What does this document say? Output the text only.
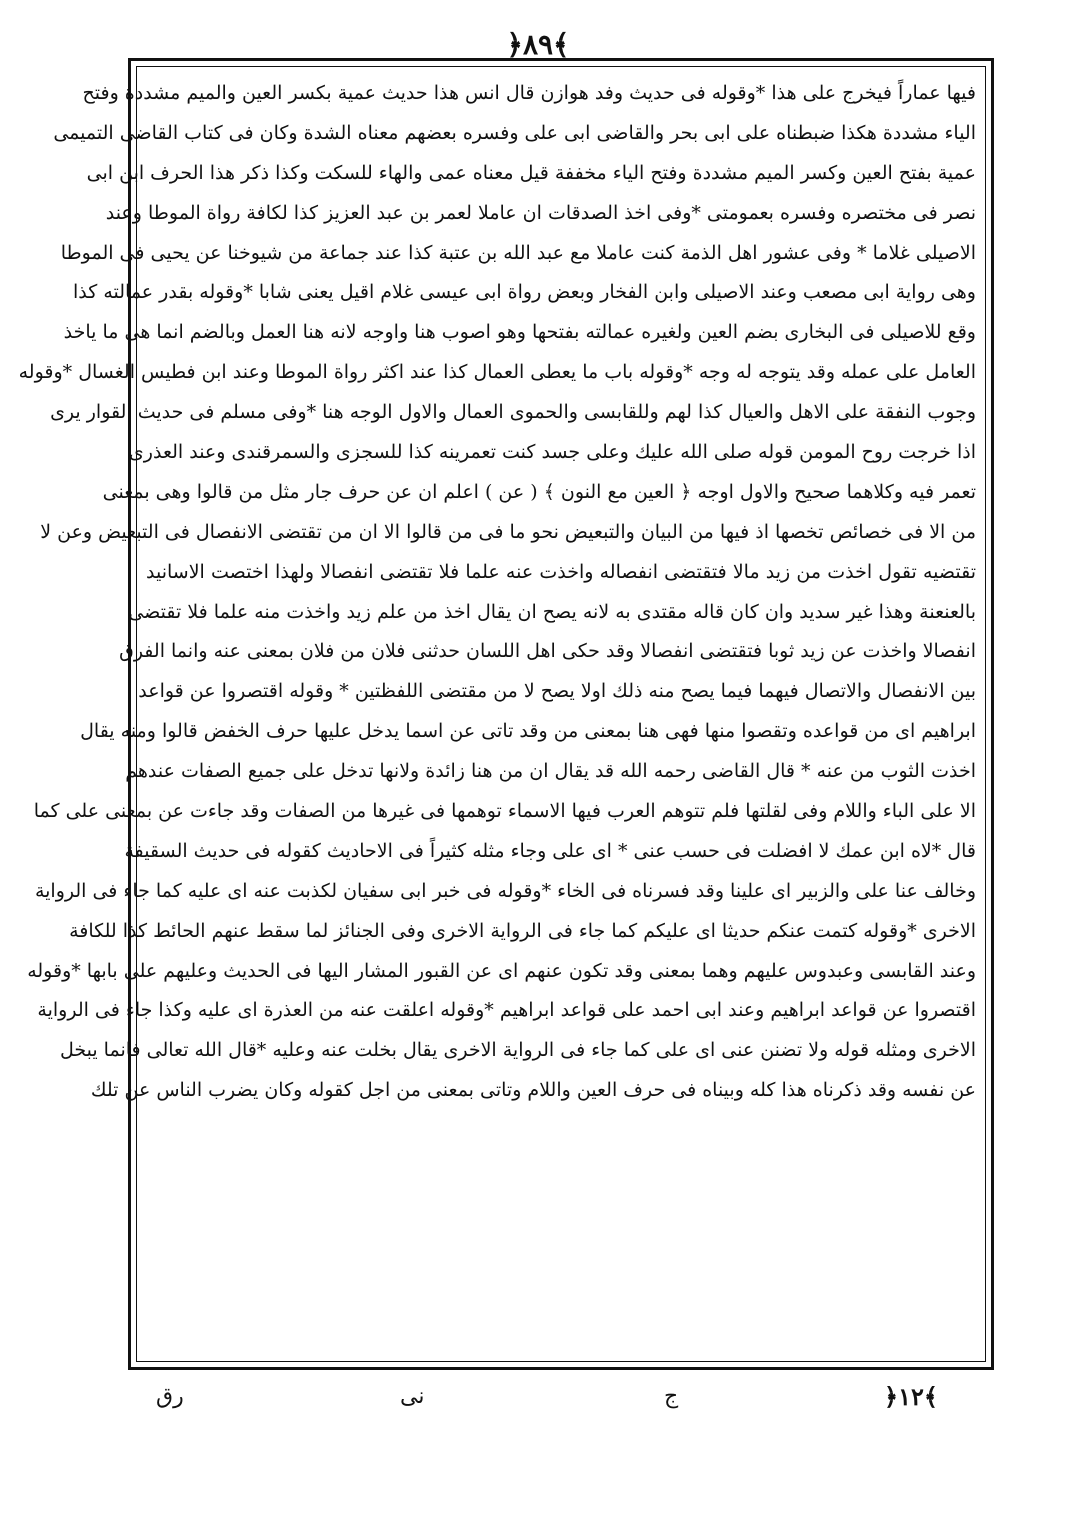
﴿٨٩﴾
فيها عماراً فيخرج على هذا *وقوله فى حديث وفد هوازن قال انس هذا حديث عمية بكسر العين والميم مشددة وفتح
الياء مشددة هكذا ضبطناه على ابى بحر والقاضى ابى على وفسره بعضهم معناه الشدة وكان فى كتاب القاضى التميمى
عمية بفتح العين وكسر الميم مشددة وفتح الياء مخففة قيل معناه عمى والهاء للسكت وكذا ذكر هذا الحرف ابن ابى
نصر فى مختصره وفسره بعمومتى *وفى اخذ الصدقات ان عاملا لعمر بن عبد العزيز كذا لكافة رواة الموطا وعند
الاصيلى غلاما * وفى عشور اهل الذمة كنت عاملا مع عبد الله بن عتبة كذا عند جماعة من شيوخنا عن يحيى فى الموطا
وهى رواية ابى مصعب وعند الاصيلى وابن الفخار وبعض رواة ابى عيسى غلام اقيل يعنى شابا *وقوله بقدر عمالته كذا
وقع للاصيلى فى البخارى بضم العين ولغيره عمالته بفتحها وهو اصوب هنا واوجه لانه هنا العمل وبالضم انما هى ما ياخذ
العامل على عمله وقد يتوجه له وجه *وقوله باب ما يعطى العمال كذا عند اكثر رواة الموطا وعند ابن فطيس الغسال *وقوله
وجوب النفقة على الاهل والعيال كذا لهم وللقابسى والحموى العمال والاول الوجه هنا *وفى مسلم فى حديث القوار يرى
اذا خرجت روح المومن قوله صلى الله عليك وعلى جسد كنت تعمرينه كذا للسجزى والسمرقندى وعند العذرى
تعمر فيه وكلاهما صحيح والاول اوجه ﴿ العين مع النون ﴾ ( عن ) اعلم ان عن حرف جار مثل من قالوا وهى بمعنى
من الا فى خصائص تخصها اذ فيها من البيان والتبعيض نحو ما فى من قالوا الا ان من تقتضى الانفصال فى التبعيض وعن لا
تقتضيه تقول اخذت من زيد مالا فتقتضى انفصاله واخذت عنه علما فلا تقتضى انفصالا ولهذا اختصت الاسانيد
بالعنعنة وهذا غير سديد وان كان قاله مقتدى به لانه يصح ان يقال اخذ من علم زيد واخذت منه علما فلا تقتضى
انفصالا واخذت عن زيد ثوبا فتقتضى انفصالا وقد حكى اهل اللسان حدثنى فلان من فلان بمعنى عنه وانما الفرق
بين الانفصال والاتصال فيهما فيما يصح منه ذلك اولا يصح لا من مقتضى اللفظتين * وقوله اقتصروا عن قواعد
ابراهيم اى من قواعده وتقصوا منها فهى هنا بمعنى من وقد تاتى عن اسما يدخل عليها حرف الخفض قالوا ومنه يقال
اخذت الثوب من عنه * قال القاضى رحمه الله قد يقال ان من هنا زائدة ولانها تدخل على جميع الصفات عندهم
الا على الباء واللام وفى لقلتها فلم تتوهم العرب فيها الاسماء توهمها فى غيرها من الصفات وقد جاءت عن بمعنى على كما
قال *لاه ابن عمك لا افضلت فى حسب عنى * اى على وجاء مثله كثيراً فى الاحاديث كقوله فى حديث السقيفة
وخالف عنا على والزبير اى علينا وقد فسرناه فى الخاء *وقوله فى خبر ابى سفيان لكذبت عنه اى عليه كما جاء فى الرواية
الاخرى *وقوله كتمت عنكم حديثا اى عليكم كما جاء فى الرواية الاخرى وفى الجنائز لما سقط عنهم الحائط كذا للكافة
وعند القابسى وعبدوس عليهم وهما بمعنى وقد تكون عنهم اى عن القبور المشار اليها فى الحديث وعليهم على بابها *وقوله
اقتصروا عن قواعد ابراهيم وعند ابى احمد على قواعد ابراهيم *وقوله اعلقت عنه من العذرة اى عليه وكذا جاء فى الرواية
الاخرى ومثله قوله ولا تضنن عنى اى على كما جاء فى الرواية الاخرى يقال بخلت عنه وعليه *قال الله تعالى فانما يبخل
عن نفسه وقد ذكرناه هذا كله وبيناه فى حرف العين واللام وتاتى بمعنى من اجل كقوله وكان يضرب الناس عن تلك
﴿١٢﴾
ج
نى
رق
